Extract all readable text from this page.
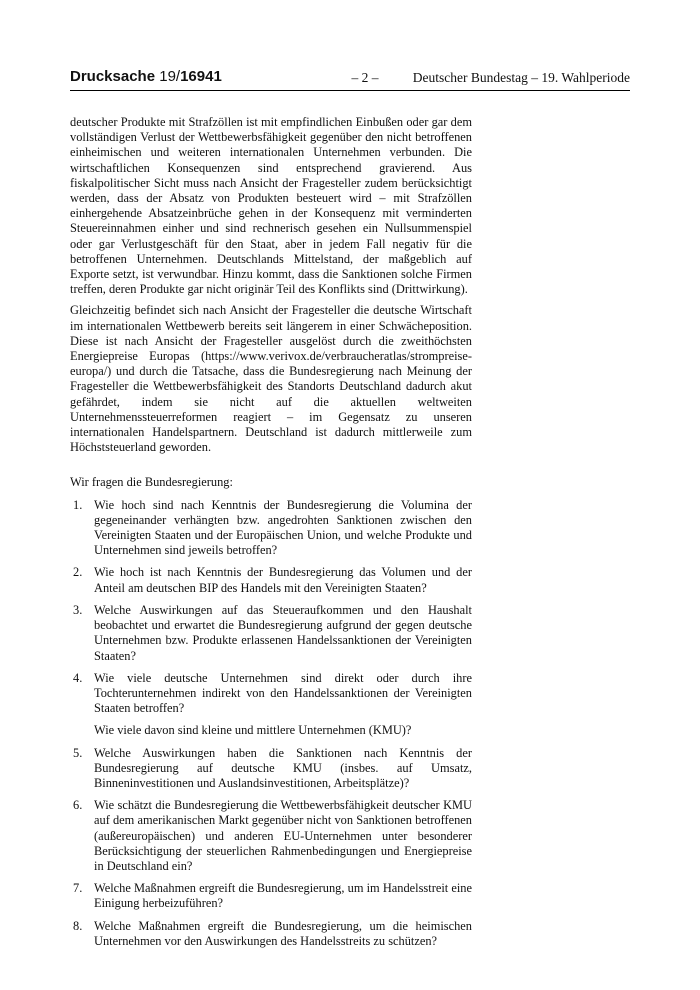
Drucksache 19/16941	– 2 –	Deutscher Bundestag – 19. Wahlperiode

deutscher Produkte mit Strafzöllen ist mit empfindlichen Einbußen oder gar dem vollständigen Verlust der Wettbewerbsfähigkeit gegenüber den nicht betroffenen einheimischen und weiteren internationalen Unternehmen verbunden. Die wirtschaftlichen Konsequenzen sind entsprechend gravierend. Aus fiskalpolitischer Sicht muss nach Ansicht der Fragesteller zudem berücksichtigt werden, dass der Absatz von Produkten besteuert wird – mit Strafzöllen einhergehende Absatzeinbrüche gehen in der Konsequenz mit verminderten Steuereinnahmen einher und sind rechnerisch gesehen ein Nullsummenspiel oder gar Verlustgeschäft für den Staat, aber in jedem Fall negativ für die betroffenen Unternehmen. Deutschlands Mittelstand, der maßgeblich auf Exporte setzt, ist verwundbar. Hinzu kommt, dass die Sanktionen solche Firmen treffen, deren Produkte gar nicht originär Teil des Konflikts sind (Drittwirkung).

Gleichzeitig befindet sich nach Ansicht der Fragesteller die deutsche Wirtschaft im internationalen Wettbewerb bereits seit längerem in einer Schwächeposition. Diese ist nach Ansicht der Fragesteller ausgelöst durch die zweithöchsten Energiepreise Europas (https://www.verivox.de/verbraucheratlas/strompreise-europa/) und durch die Tatsache, dass die Bundesregierung nach Meinung der Fragesteller die Wettbewerbsfähigkeit des Standorts Deutschland dadurch akut gefährdet, indem sie nicht auf die aktuellen weltweiten Unternehmenssteuerreformen reagiert – im Gegensatz zu unseren internationalen Handelspartnern. Deutschland ist dadurch mittlerweile zum Höchststeuerland geworden.

Wir fragen die Bundesregierung:

1. Wie hoch sind nach Kenntnis der Bundesregierung die Volumina der gegeneinander verhängten bzw. angedrohten Sanktionen zwischen den Vereinigten Staaten und der Europäischen Union, und welche Produkte und Unternehmen sind jeweils betroffen?
2. Wie hoch ist nach Kenntnis der Bundesregierung das Volumen und der Anteil am deutschen BIP des Handels mit den Vereinigten Staaten?
3. Welche Auswirkungen auf das Steueraufkommen und den Haushalt beobachtet und erwartet die Bundesregierung aufgrund der gegen deutsche Unternehmen bzw. Produkte erlassenen Handelssanktionen der Vereinigten Staaten?
4. Wie viele deutsche Unternehmen sind direkt oder durch ihre Tochterunternehmen indirekt von den Handelssanktionen der Vereinigten Staaten betroffen?
Wie viele davon sind kleine und mittlere Unternehmen (KMU)?
5. Welche Auswirkungen haben die Sanktionen nach Kenntnis der Bundesregierung auf deutsche KMU (insbes. auf Umsatz, Binneninvestitionen und Auslandsinvestitionen, Arbeitsplätze)?
6. Wie schätzt die Bundesregierung die Wettbewerbsfähigkeit deutscher KMU auf dem amerikanischen Markt gegenüber nicht von Sanktionen betroffenen (außereuropäischen) und anderen EU-Unternehmen unter besonderer Berücksichtigung der steuerlichen Rahmenbedingungen und Energiepreise in Deutschland ein?
7. Welche Maßnahmen ergreift die Bundesregierung, um im Handelsstreit eine Einigung herbeizuführen?
8. Welche Maßnahmen ergreift die Bundesregierung, um die heimischen Unternehmen vor den Auswirkungen des Handelsstreits zu schützen?
